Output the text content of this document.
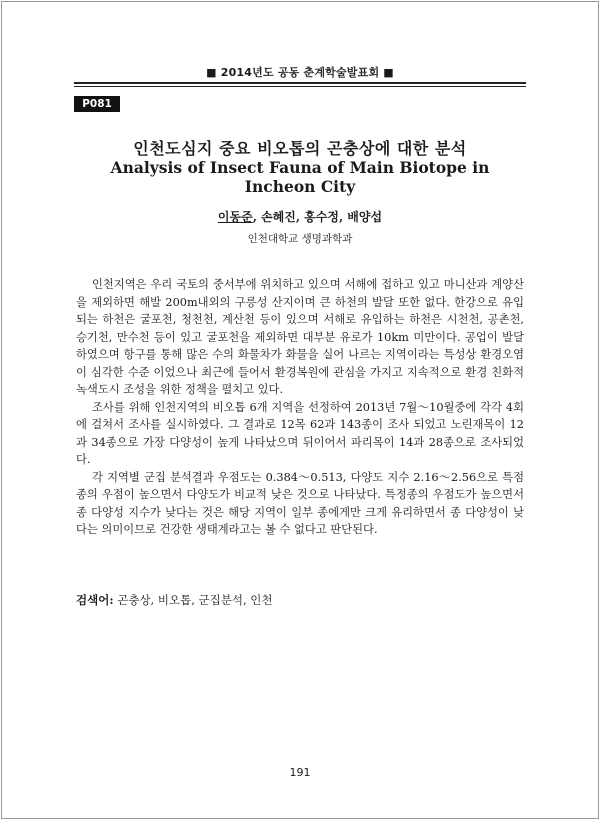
■ 2014년도 공동 춘계학술발표회 ■
P081
인천도심지 중요 비오톱의 곤충상에 대한 분석
Analysis of Insect Fauna of Main Biotope in Incheon City
이동준, 손혜진, 홍수정, 배양섭
인천대학교 생명과학과

인천지역은 우리 국토의 중서부에 위치하고 있으며 서해에 접하고 있고 마니산과 계양산을 제외하면 해발 200m내외의 구릉성 산지이며 큰 하천의 발달 또한 없다. 한강으로 유입되는 하천은 굴포천, 청천천, 계산천 등이 있으며 서해로 유입하는 하천은 시천천, 공촌천, 승기천, 만수천 등이 있고 굴포천을 제외하면 대부분 유로가 10km 미만이다. 공업이 발달 하였으며 항구를 통해 많은 수의 화물차가 화물을 실어 나르는 지역이라는 특성상 환경오염이 심각한 수준 이었으나 최근에 들어서 환경복원에 관심을 가지고 지속적으로 환경 친화적 녹색도시 조성을 위한 정책을 펼치고 있다.

조사를 위해 인천지역의 비오톱 6개 지역을 선정하여 2013년 7월～10월중에 각각 4회에 걸쳐서 조사를 실시하였다. 그 결과로 12목 62과 143종이 조사 되었고 노린재목이 12과 34종으로 가장 다양성이 높게 나타났으며 뒤이어서 파리목이 14과 28종으로 조사되었다.

각 지역별 군집 분석결과 우점도는 0.384～0.513, 다양도 지수 2.16～2.56으로 특점 종의 우점이 높으면서 다양도가 비교적 낮은 것으로 나타났다. 특정종의 우점도가 높으면서 종 다양성 지수가 낮다는 것은 해당 지역이 일부 종에게만 크게 유리하면서 종 다양성이 낮다는 의미이므로 건강한 생태계라고는 볼 수 없다고 판단된다.

검색어: 곤충상, 비오톱, 군집분석, 인천
191
